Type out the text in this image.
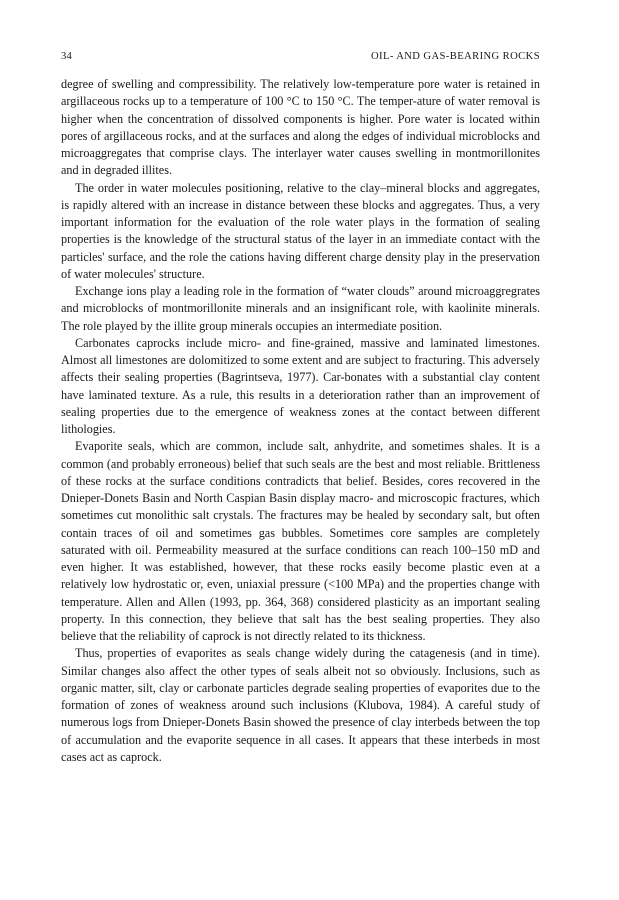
34	OIL- AND GAS-BEARING ROCKS

degree of swelling and compressibility. The relatively low-temperature pore water is retained in argillaceous rocks up to a temperature of 100 °C to 150 °C. The temper-ature of water removal is higher when the concentration of dissolved components is higher. Pore water is located within pores of argillaceous rocks, and at the surfaces and along the edges of individual microblocks and microaggregates that comprise clays. The interlayer water causes swelling in montmorillonites and in degraded illites.

The order in water molecules positioning, relative to the clay–mineral blocks and aggregates, is rapidly altered with an increase in distance between these blocks and aggregates. Thus, a very important information for the evaluation of the role water plays in the formation of sealing properties is the knowledge of the structural status of the layer in an immediate contact with the particles' surface, and the role the cations having different charge density play in the preservation of water molecules' structure.

Exchange ions play a leading role in the formation of “water clouds” around microaggregrates and microblocks of montmorillonite minerals and an insignificant role, with kaolinite minerals. The role played by the illite group minerals occupies an intermediate position.

Carbonates caprocks include micro- and fine-grained, massive and laminated limestones. Almost all limestones are dolomitized to some extent and are subject to fracturing. This adversely affects their sealing properties (Bagrintseva, 1977). Car-bonates with a substantial clay content have laminated texture. As a rule, this results in a deterioration rather than an improvement of sealing properties due to the emergence of weakness zones at the contact between different lithologies.

Evaporite seals, which are common, include salt, anhydrite, and sometimes shales. It is a common (and probably erroneous) belief that such seals are the best and most reliable. Brittleness of these rocks at the surface conditions contradicts that belief. Besides, cores recovered in the Dnieper-Donets Basin and North Caspian Basin display macro- and microscopic fractures, which sometimes cut monolithic salt crystals. The fractures may be healed by secondary salt, but often contain traces of oil and sometimes gas bubbles. Sometimes core samples are completely saturated with oil. Permeability measured at the surface conditions can reach 100–150 mD and even higher. It was established, however, that these rocks easily become plastic even at a relatively low hydrostatic or, even, uniaxial pressure (<100 MPa) and the properties change with temperature. Allen and Allen (1993, pp. 364, 368) considered plasticity as an important sealing property. In this connection, they believe that salt has the best sealing properties. They also believe that the reliability of caprock is not directly related to its thickness.

Thus, properties of evaporites as seals change widely during the catagenesis (and in time). Similar changes also affect the other types of seals albeit not so obviously. Inclusions, such as organic matter, silt, clay or carbonate particles degrade sealing properties of evaporites due to the formation of zones of weakness around such inclusions (Klubova, 1984). A careful study of numerous logs from Dnieper-Donets Basin showed the presence of clay interbeds between the top of accumulation and the evaporite sequence in all cases. It appears that these interbeds in most cases act as caprock.
